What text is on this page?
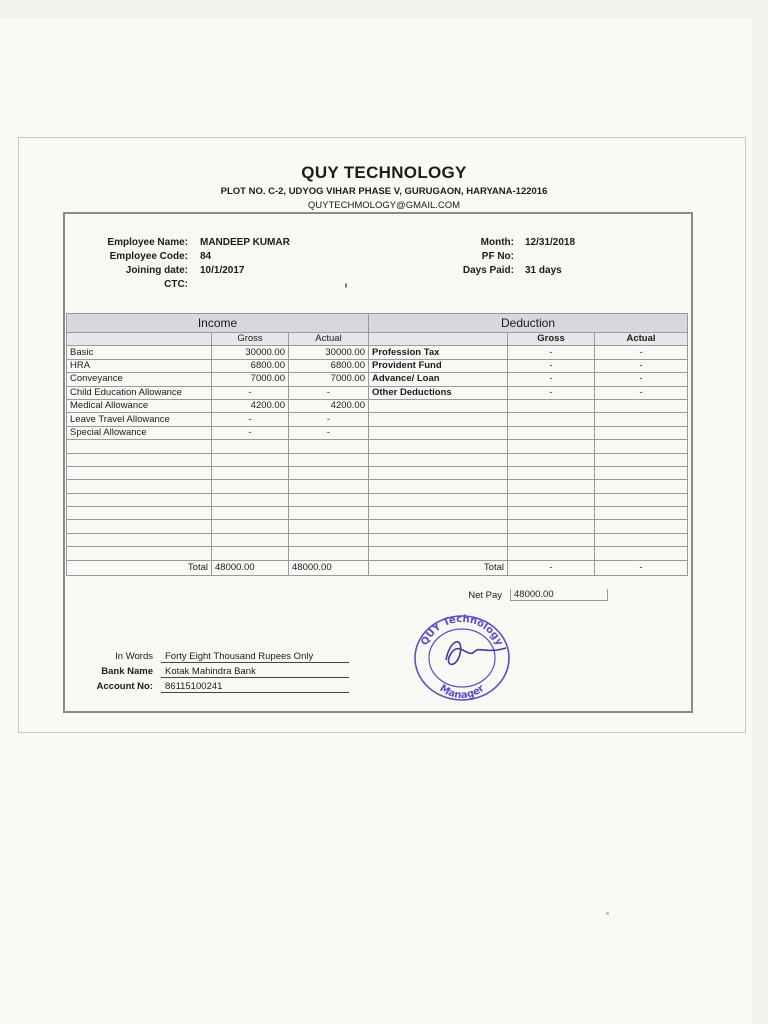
QUY TECHNOLOGY
PLOT NO. C-2, UDYOG VIHAR PHASE V, GURUGAON, HARYANA-122016
QUYTECHMOLOGY@GMAIL.COM
Employee Name: MANDEEP KUMAR
Employee Code: 84
Joining date: 10/1/2017
CTC:
Month: 12/31/2018
PF No:
Days Paid: 31 days
Income			Deduction		
	Gross	Actual		Gross	Actual
Basic	30000.00	30000.00	Profession Tax	-	-
HRA	6800.00	6800.00	Provident Fund	-	-
Conveyance	7000.00	7000.00	Advance/ Loan	-	-
Child Education Allowance	-	-	Other Deductions	-	-
Medical Allowance	4200.00	4200.00			
Leave Travel Allowance	-	-			
Special Allowance	-	-			

Total	48000.00	48000.00	Total	-	-
Net Pay	48000.00
QUY Technology
Manager
In Words	Forty Eight Thousand Rupees Only
Bank Name	Kotak Mahindra Bank
Account No:	86115100241
